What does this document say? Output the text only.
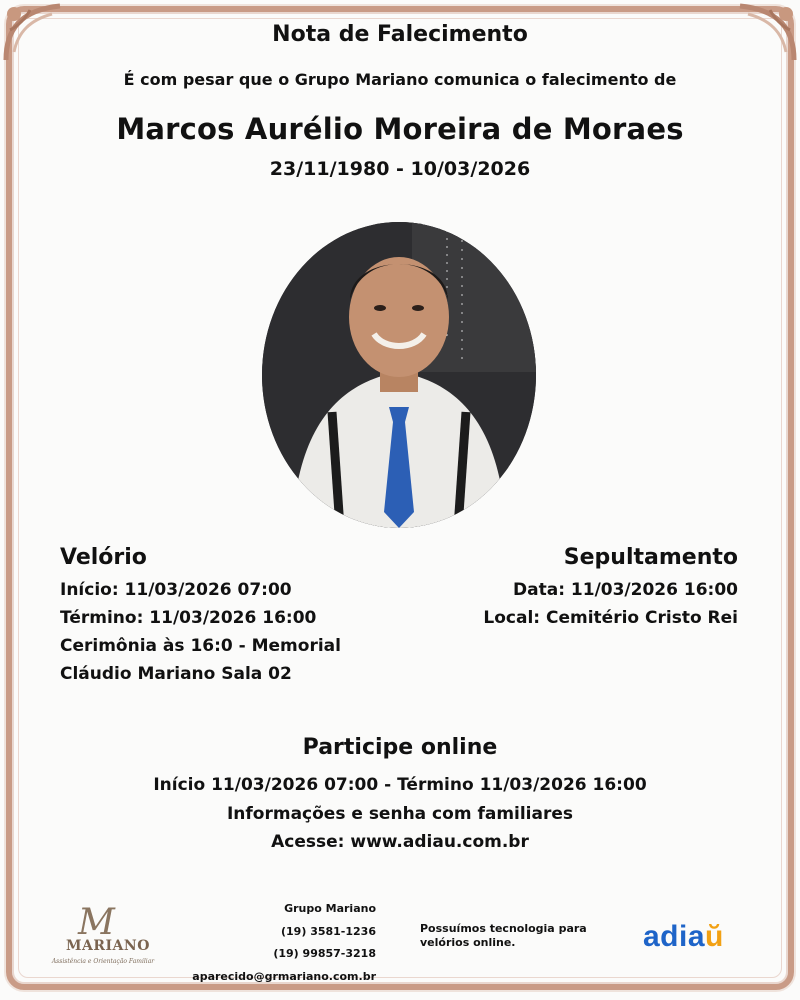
Nota de Falecimento
É com pesar que o Grupo Mariano comunica o falecimento de
Marcos Aurélio Moreira de Moraes
23/11/1980 - 10/03/2026
Velório
Início: 11/03/2026 07:00
Término: 11/03/2026 16:00
Cerimônia às 16:0 - Memorial
Cláudio Mariano Sala 02
Sepultamento
Data: 11/03/2026 16:00
Local: Cemitério Cristo Rei
Participe online
Início 11/03/2026 07:00 - Término 11/03/2026 16:00
Informações e senha com familiares
Acesse: www.adiau.com.br
M
MARIANO
Assistência e Orientação Familiar
Grupo Mariano
(19) 3581-1236
(19) 99857-3218
aparecido@grmariano.com.br
Possuímos tecnologia para velórios online.	adiaŭ
